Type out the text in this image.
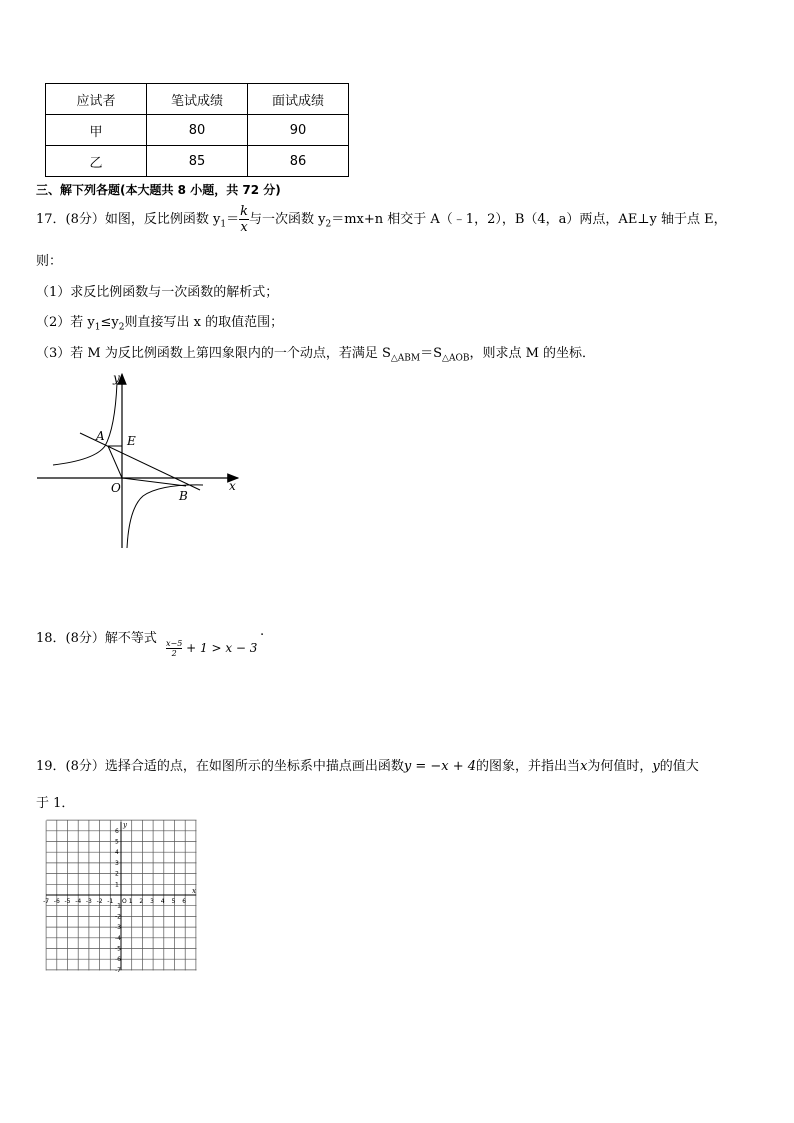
应试者	笔试成绩	面试成绩
甲	80	90
乙	85	86
三、解下列各题(本大题共 8 小题，共 72 分)
17．(8分）如图，反比例函数 $y_1= \frac{k}{x}$ 与一次函数 $y_2=mx+n$ 相交于 A（﹣1，2），B（4，a）两点，AE⊥y 轴于点 E，
则：
（1）求反比例函数与一次函数的解析式；
（2）若 $y_1\le y_2$则直接写出 x 的取值范围；
（3）若 M 为反比例函数上第四象限内的一个动点，若满足 $S_{\triangle ABM}=S_{\triangle AOB}$，则求点 M 的坐标．
y
x
A E
O
B
18．(8分）解不等式
$\frac{x-5}{2} + 1 > x - 3$
.
19．(8分）选择合适的点，在如图所示的坐标系中描点画出函数y = −x + 4的图象，并指出当x为何值时，y的值大
于 1．
-7 -6 -5 -4 -3 -2 -1 O 1 2 3 4 5 6
6
5
4
3
2
1
-1
-2
-3
-4
-5
-6
-7
x
y
